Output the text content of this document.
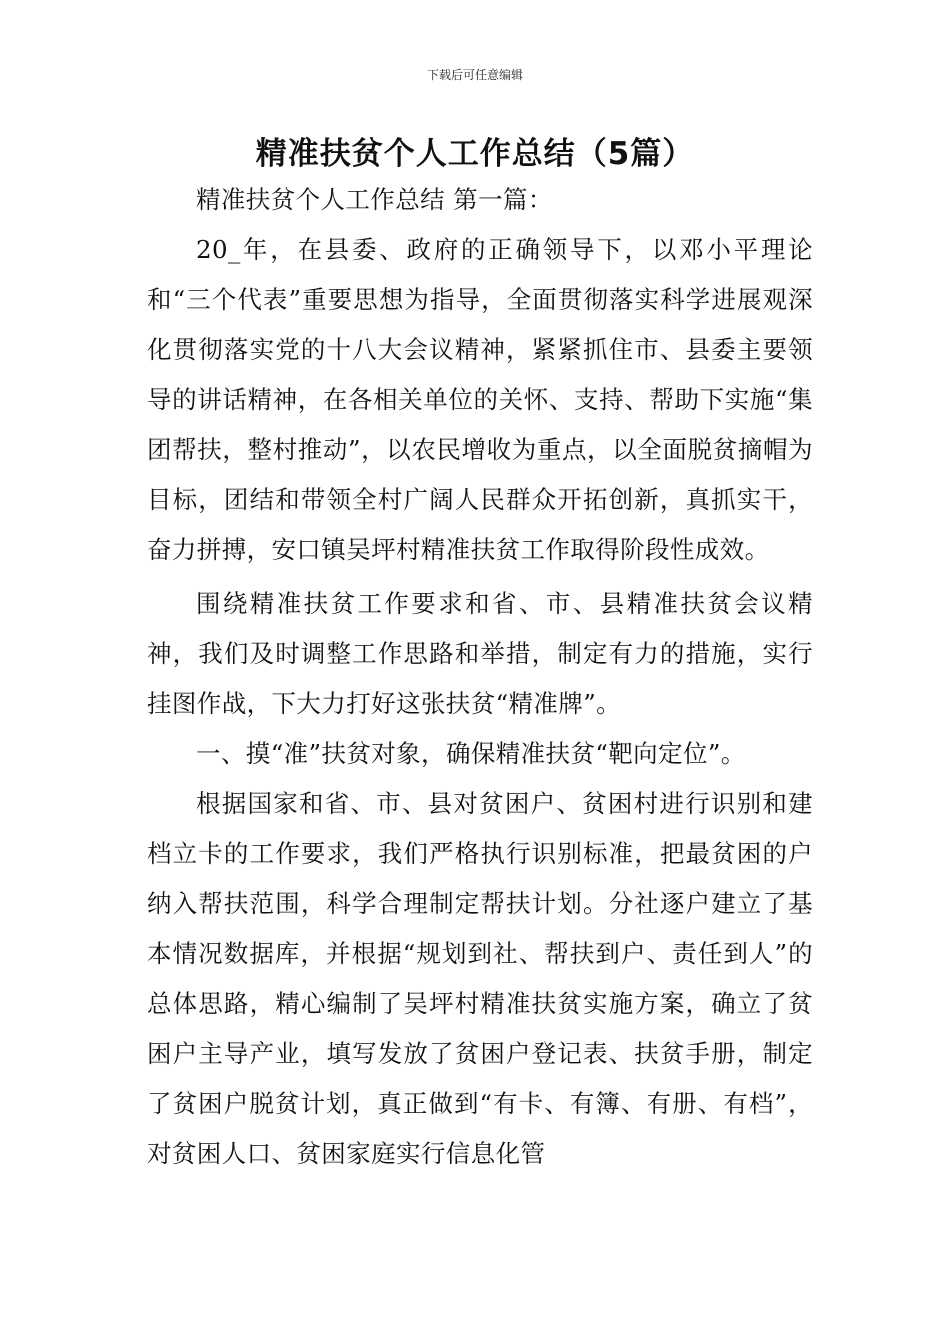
下载后可任意编辑
精准扶贫个人工作总结（5篇）

精准扶贫个人工作总结 第一篇：

20_年，在县委、政府的正确领导下，以邓小平理论和“三个代表”重要思想为指导，全面贯彻落实科学进展观深化贯彻落实党的十八大会议精神，紧紧抓住市、县委主要领导的讲话精神，在各相关单位的关怀、支持、帮助下实施“集团帮扶，整村推动”，以农民增收为重点，以全面脱贫摘帽为目标，团结和带领全村广阔人民群众开拓创新，真抓实干，奋力拼搏，安口镇吴坪村精准扶贫工作取得阶段性成效。

围绕精准扶贫工作要求和省、市、县精准扶贫会议精神，我们及时调整工作思路和举措，制定有力的措施，实行挂图作战，下大力打好这张扶贫“精准牌”。

一、摸“准”扶贫对象，确保精准扶贫“靶向定位”。

根据国家和省、市、县对贫困户、贫困村进行识别和建档立卡的工作要求，我们严格执行识别标准，把最贫困的户纳入帮扶范围，科学合理制定帮扶计划。分社逐户建立了基本情况数据库，并根据“规划到社、帮扶到户、责任到人”的总体思路，精心编制了吴坪村精准扶贫实施方案，确立了贫困户主导产业，填写发放了贫困户登记表、扶贫手册，制定了贫困户脱贫计划，真正做到“有卡、有簿、有册、有档”，对贫困人口、贫困家庭实行信息化管
